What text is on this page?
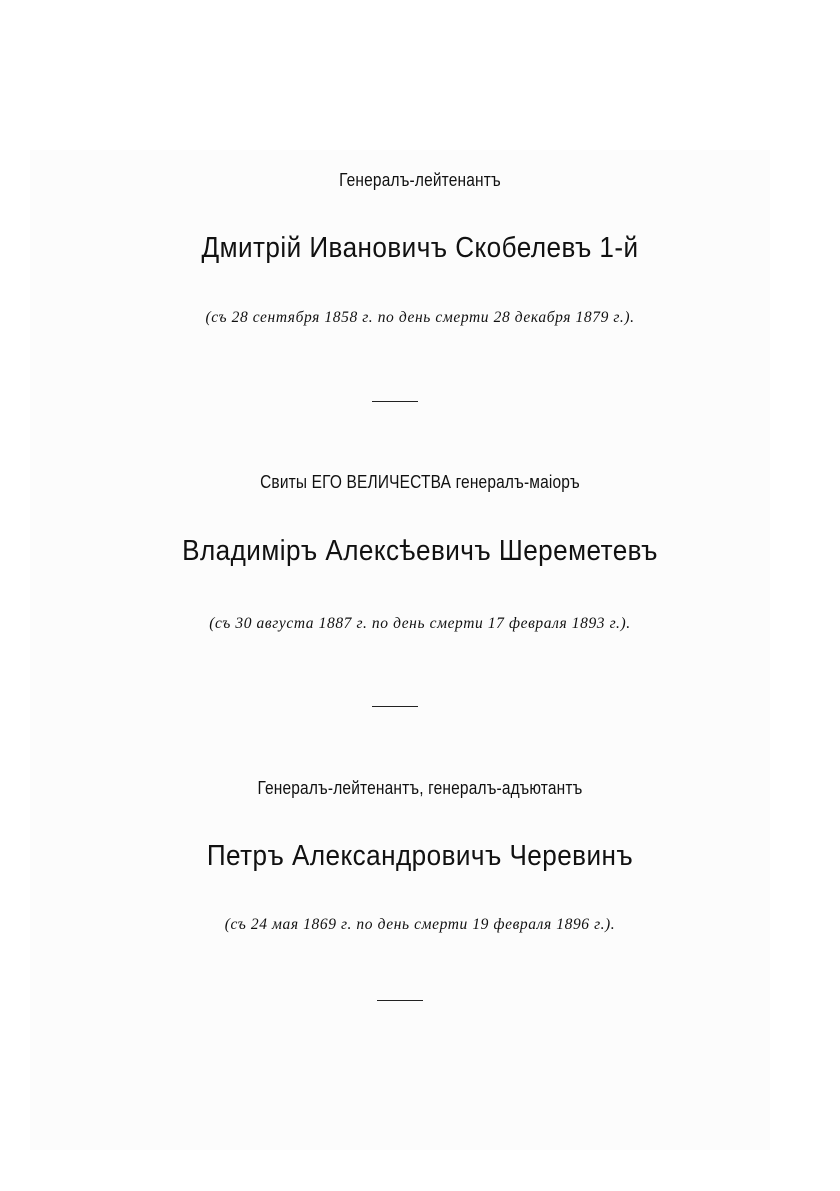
Генералъ-лейтенантъ
Дмитрій Ивановичъ Скобелевъ 1-й
(съ 28 сентября 1858 г. по день смерти 28 декабря 1879 г.).
Свиты ЕГО ВЕЛИЧЕСТВА генералъ-маіоръ
Владиміръ Алексѣевичъ Шереметевъ
(съ 30 августа 1887 г. по день смерти 17 февраля 1893 г.).
Генералъ-лейтенантъ, генералъ-адъютантъ
Петръ Александровичъ Черевинъ
(съ 24 мая 1869 г. по день смерти 19 февраля 1896 г.).
